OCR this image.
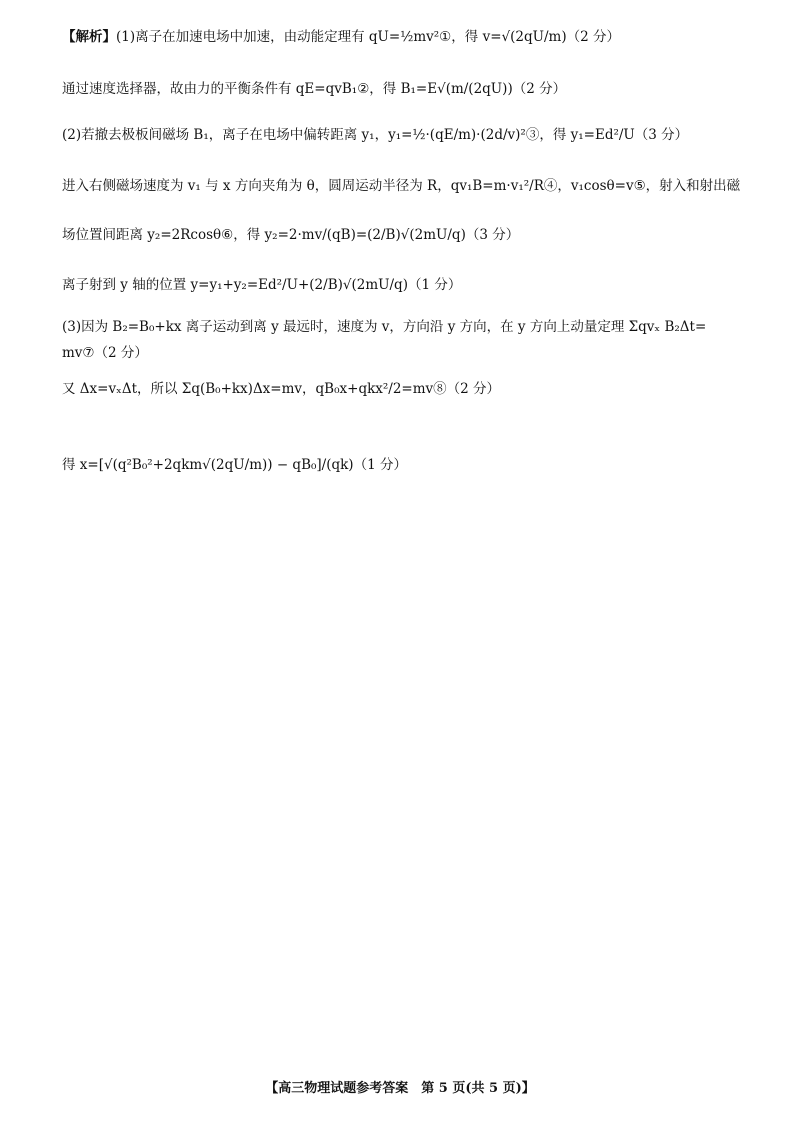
【解析】(1)离子在加速电场中加速，由动能定理有 qU=½mv²①，得 v=√(2qU/m)（2 分）
通过速度选择器，故由力的平衡条件有 qE=qvB₁②，得 B₁=E√(m/(2qU))（2 分）
(2)若撤去极板间磁场 B₁，离子在电场中偏转距离 y₁，y₁=½·(qE/m)·(2d/v)²③，得 y₁=Ed²/U（3 分）
进入右侧磁场速度为 v₁ 与 x 方向夹角为 θ，圆周运动半径为 R，qv₁B=m·v₁²/R④，v₁cosθ=v⑤，射入和射出磁
场位置间距离 y₂=2Rcosθ⑥，得 y₂=2·mv/(qB)=(2/B)√(2mU/q)（3 分）
离子射到 y 轴的位置 y=y₁+y₂=Ed²/U+(2/B)√(2mU/q)（1 分）
(3)因为 B₂=B₀+kx 离子运动到离 y 最远时，速度为 v，方向沿 y 方向，在 y 方向上动量定理 Σqvₓ B₂Δt=
mv⑦（2 分）
又 Δx=vₓΔt，所以 Σq(B₀+kx)Δx=mv，qB₀x+qkx²/2=mv⑧（2 分）
得 x=[√(q²B₀²+2qkm√(2qU/m)) − qB₀]/(qk)（1 分）
【高三物理试题参考答案　第 5 页(共 5 页)】
